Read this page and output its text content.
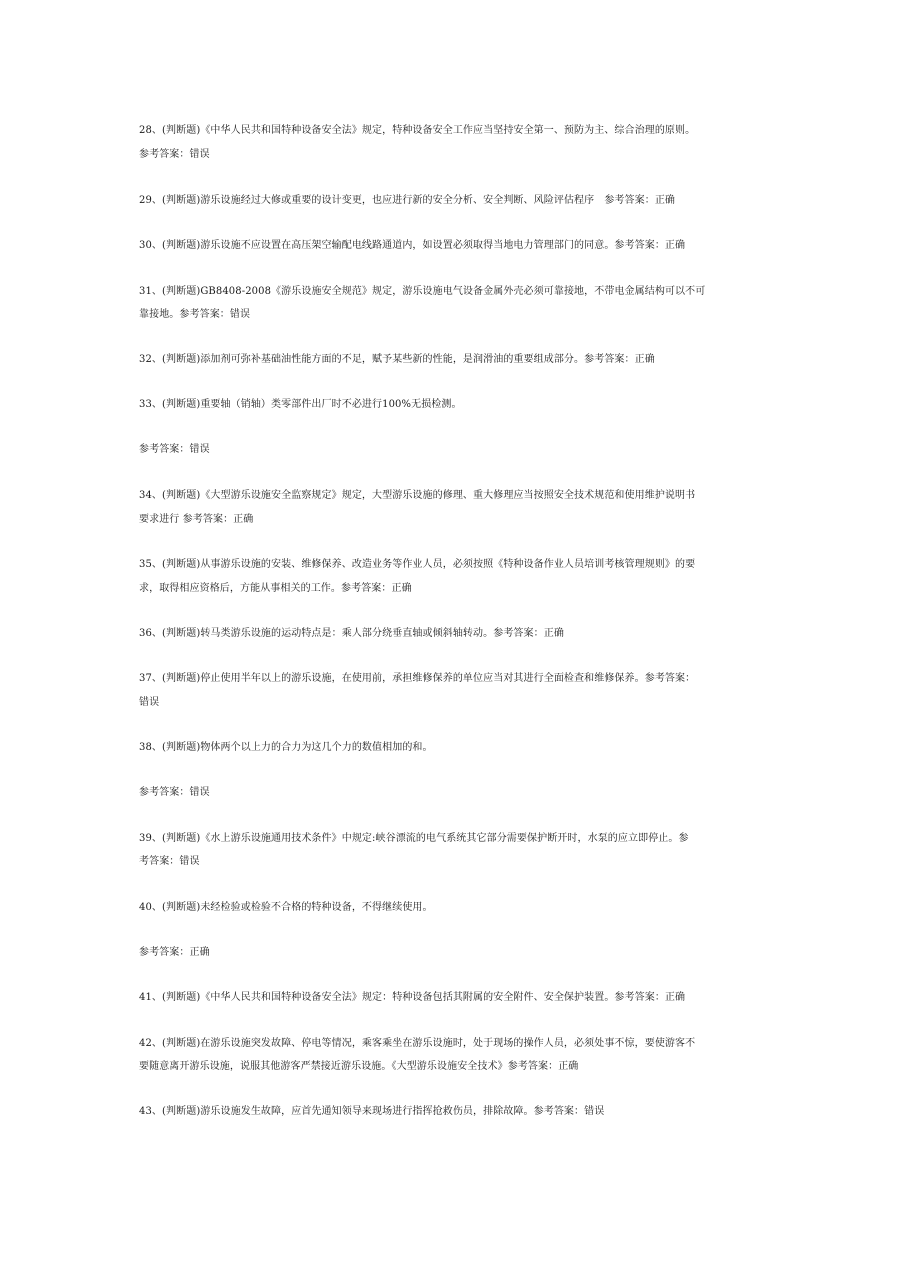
28、(判断题)《中华人民共和国特种设备安全法》规定，特种设备安全工作应当坚持安全第一、预防为主、综合治理的原则。
参考答案：错误
29、(判断题)游乐设施经过大修或重要的设计变更，也应进行新的安全分析、安全判断、风险评估程序　参考答案：正确
30、(判断题)游乐设施不应设置在高压架空输配电线路通道内，如设置必须取得当地电力管理部门的同意。参考答案：正确
31、(判断题)GB8408-2008《游乐设施安全规范》规定，游乐设施电气设备金属外壳必须可靠接地，不带电金属结构可以不可
靠接地。参考答案：错误
32、(判断题)添加剂可弥补基础油性能方面的不足，赋予某些新的性能，是润滑油的重要组成部分。参考答案：正确
33、(判断题)重要轴（销轴）类零部件出厂时不必进行100%无损检测。
参考答案：错误
34、(判断题)《大型游乐设施安全监察规定》规定，大型游乐设施的修理、重大修理应当按照安全技术规范和使用维护说明书
要求进行 参考答案：正确
35、(判断题)从事游乐设施的安装、维修保养、改造业务等作业人员，必须按照《特种设备作业人员培训考核管理规则》的要
求，取得相应资格后，方能从事相关的工作。参考答案：正确
36、(判断题)转马类游乐设施的运动特点是：乘人部分绕垂直轴或倾斜轴转动。参考答案：正确
37、(判断题)停止使用半年以上的游乐设施，在使用前，承担维修保养的单位应当对其进行全面检查和维修保养。参考答案：
错误
38、(判断题)物体两个以上力的合力为这几个力的数值相加的和。
参考答案：错误
39、(判断题)《水上游乐设施通用技术条件》中规定:峡谷漂流的电气系统其它部分需要保护断开时，水泵的应立即停止。参
考答案：错误
40、(判断题)未经检验或检验不合格的特种设备，不得继续使用。
参考答案：正确
41、(判断题)《中华人民共和国特种设备安全法》规定：特种设备包括其附属的安全附件、安全保护装置。参考答案：正确
42、(判断题)在游乐设施突发故障、停电等情况，乘客乘坐在游乐设施时，处于现场的操作人员，必须处事不惊，要使游客不
要随意离开游乐设施，说服其他游客严禁接近游乐设施。《大型游乐设施安全技术》参考答案：正确
43、(判断题)游乐设施发生故障，应首先通知领导来现场进行指挥抢救伤员，排除故障。参考答案：错误
